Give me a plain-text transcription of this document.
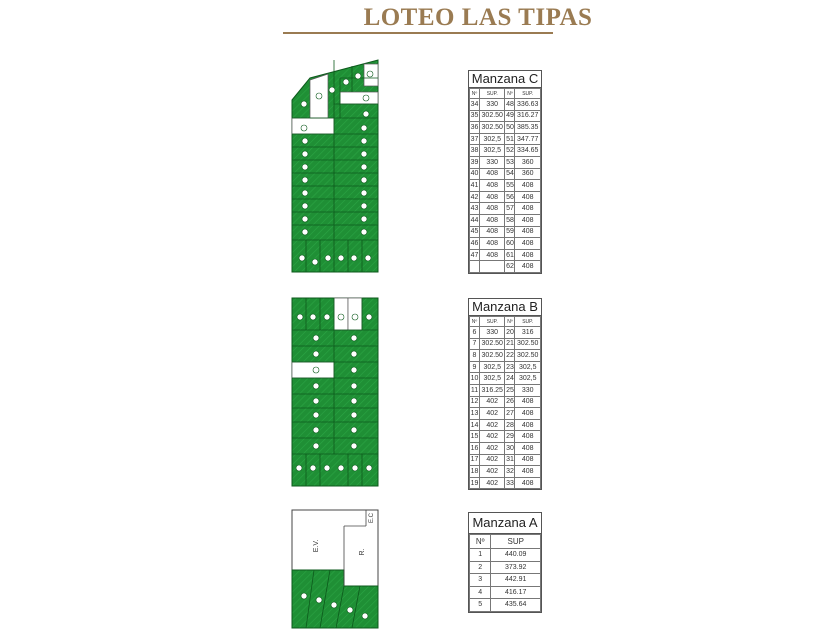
LOTEO LAS TIPAS
E.V.	R.
E.C
Manzana C
Nº	SUP.	Nº	SUP.
34	330	48	336.63
35	302.50	49	316.27
36	302.50	50	385.35
37	302,5	51	347.77
38	302,5	52	334.65
39	330	53	360
40	408	54	360
41	408	55	408
42	408	56	408
43	408	57	408
44	408	58	408
45	408	59	408
46	408	60	408
47	408	61	408
		62	408
Manzana B
Nº	SUP.	Nº	SUP.
6	330	20	316
7	302.50	21	302.50
8	302.50	22	302.50
9	302,5	23	302,5
10	302,5	24	302,5
11	316.25	25	330
12	402	26	408
13	402	27	408
14	402	28	408
15	402	29	408
16	402	30	408
17	402	31	408
18	402	32	408
19	402	33	408
Manzana A
Nº	SUP
1	440.09
2	373.92
3	442.91
4	416.17
5	435.64
